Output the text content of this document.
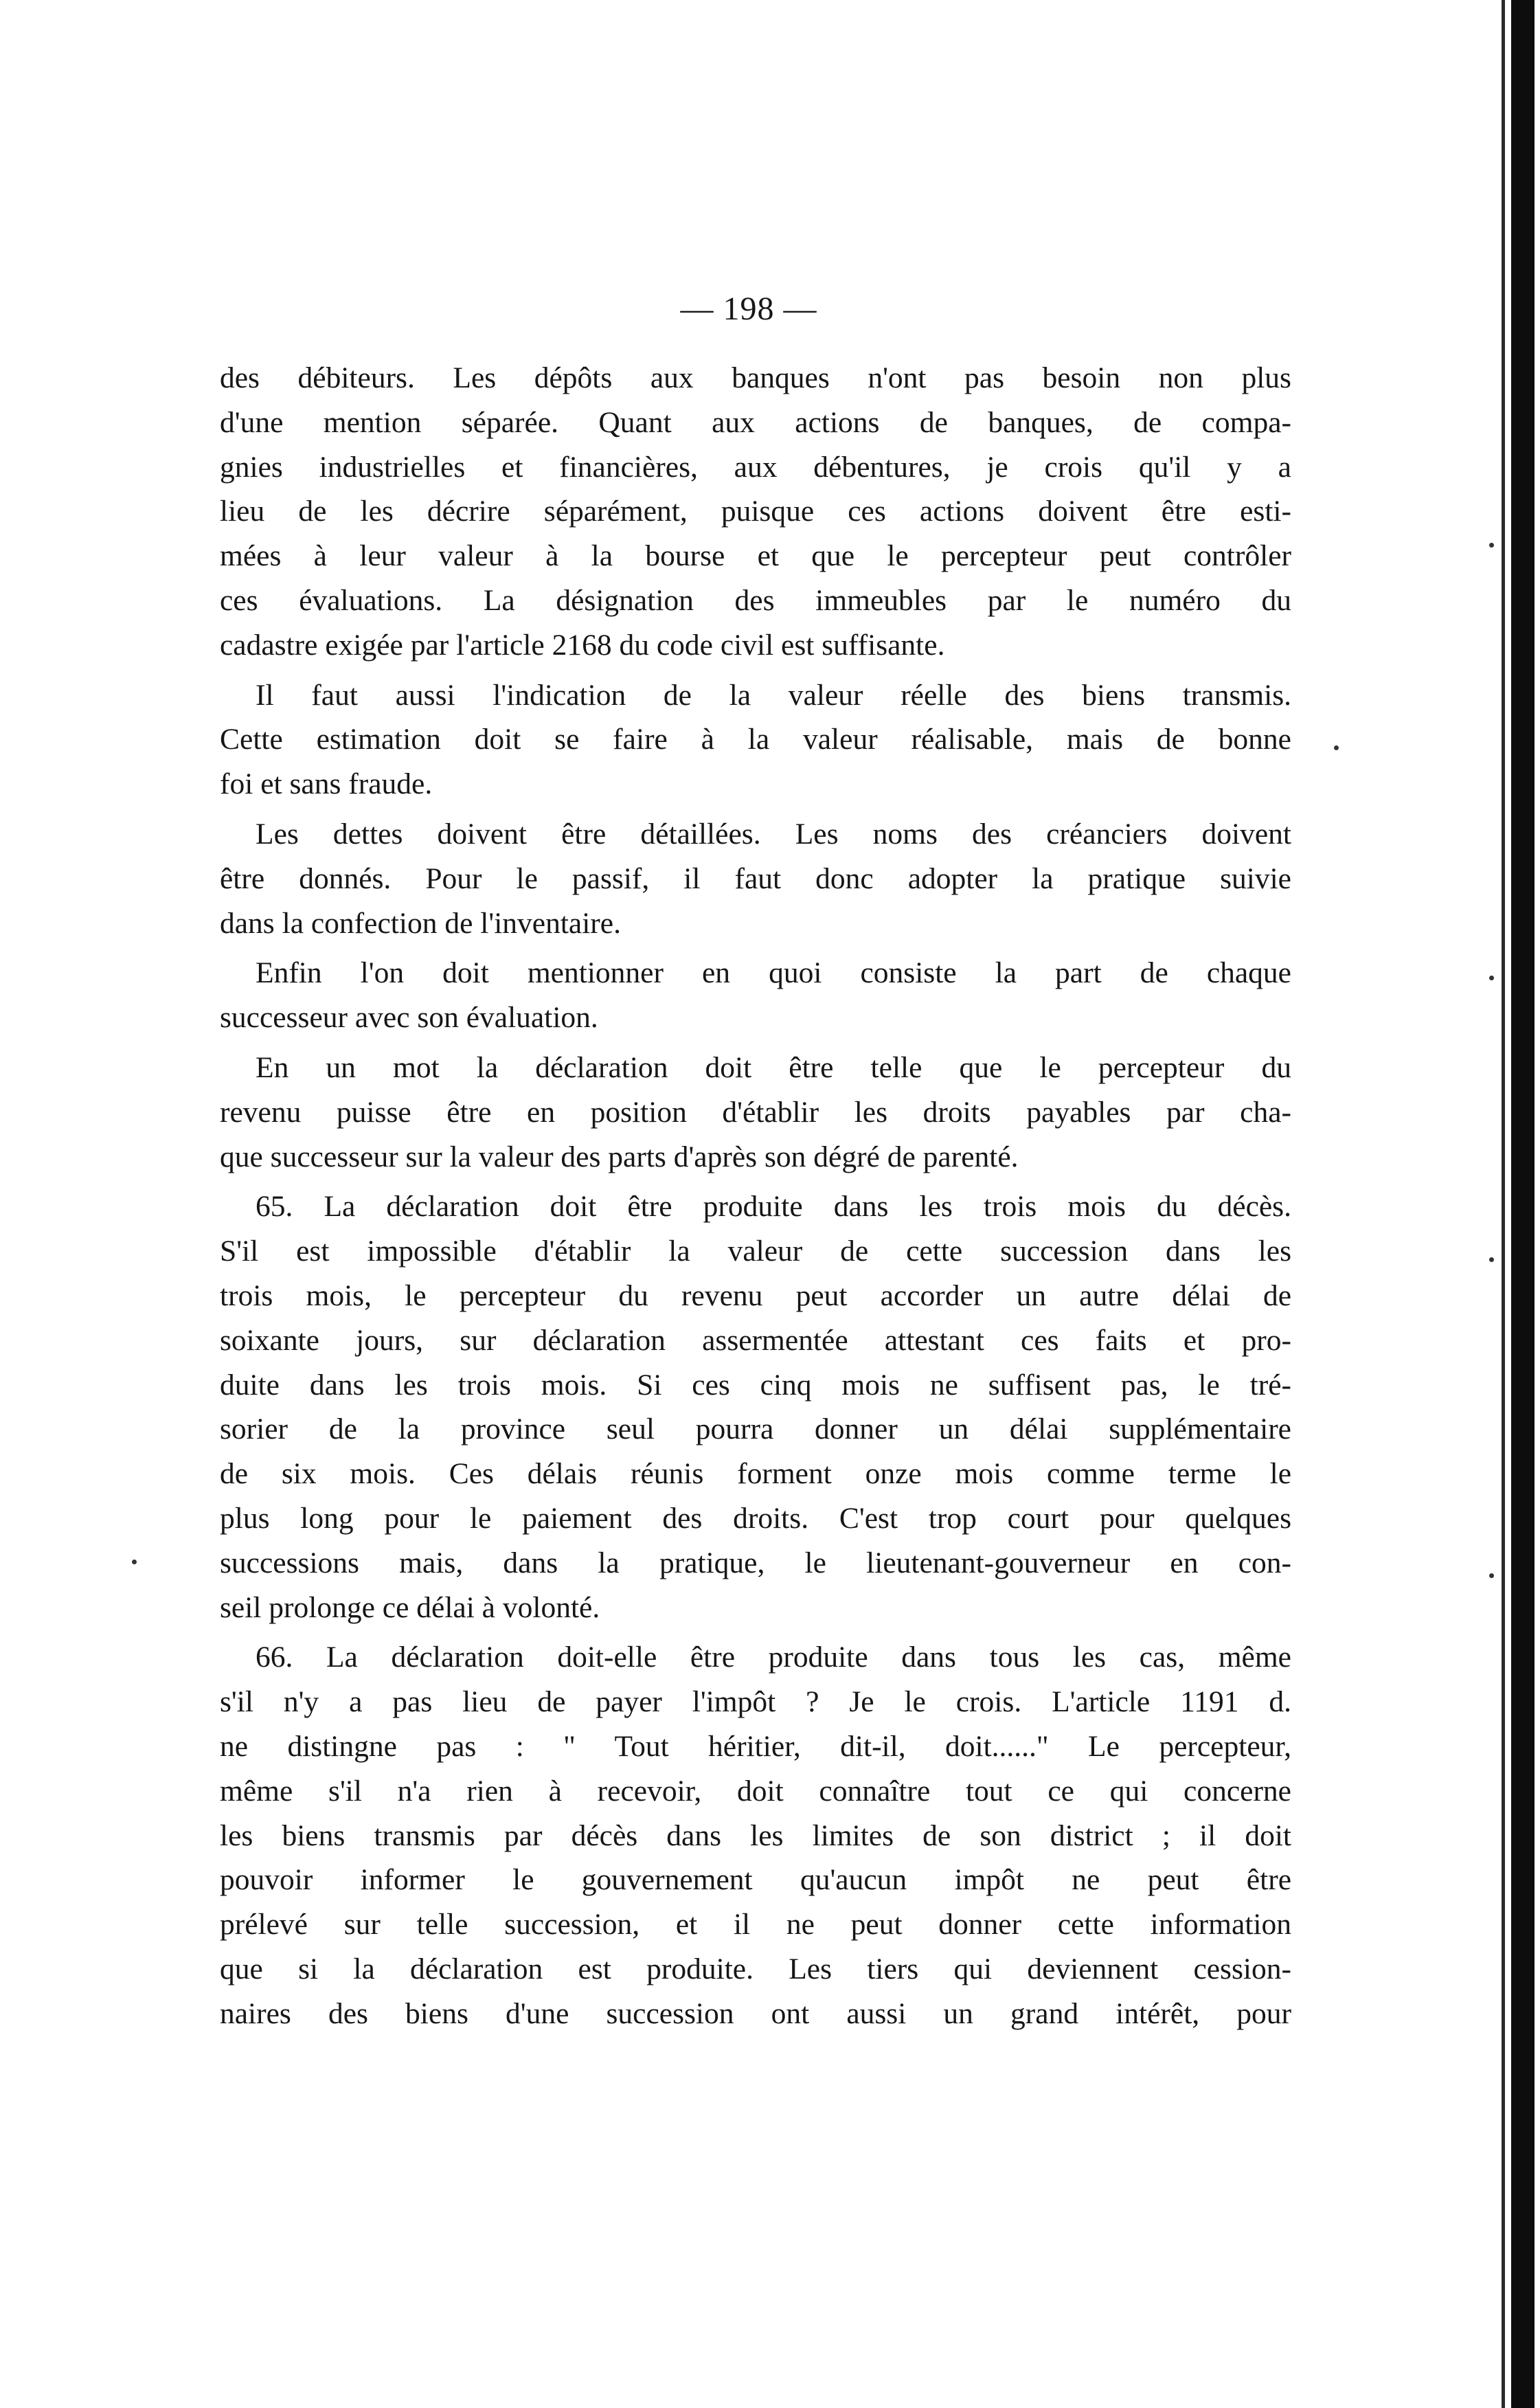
— 198 —
des débiteurs. Les dépôts aux banques n'ont pas besoin non plus
d'une mention séparée. Quant aux actions de banques, de compa-
gnies industrielles et financières, aux débentures, je crois qu'il y a
lieu de les décrire séparément, puisque ces actions doivent être esti-
mées à leur valeur à la bourse et que le percepteur peut contrôler
ces évaluations. La désignation des immeubles par le numéro du
cadastre exigée par l'article 2168 du code civil est suffisante.
Il faut aussi l'indication de la valeur réelle des biens transmis.
Cette estimation doit se faire à la valeur réalisable, mais de bonne
foi et sans fraude.
Les dettes doivent être détaillées. Les noms des créanciers doivent
être donnés. Pour le passif, il faut donc adopter la pratique suivie
dans la confection de l'inventaire.
Enfin l'on doit mentionner en quoi consiste la part de chaque
successeur avec son évaluation.
En un mot la déclaration doit être telle que le percepteur du
revenu puisse être en position d'établir les droits payables par cha-
que successeur sur la valeur des parts d'après son dégré de parenté.
65. La déclaration doit être produite dans les trois mois du décès.
S'il est impossible d'établir la valeur de cette succession dans les
trois mois, le percepteur du revenu peut accorder un autre délai de
soixante jours, sur déclaration assermentée attestant ces faits et pro-
duite dans les trois mois. Si ces cinq mois ne suffisent pas, le tré-
sorier de la province seul pourra donner un délai supplémentaire
de six mois. Ces délais réunis forment onze mois comme terme le
plus long pour le paiement des droits. C'est trop court pour quelques
successions mais, dans la pratique, le lieutenant-gouverneur en con-
seil prolonge ce délai à volonté.
66. La déclaration doit-elle être produite dans tous les cas, même
s'il n'y a pas lieu de payer l'impôt ? Je le crois. L'article 1191 d.
ne distingne pas : " Tout héritier, dit-il, doit......" Le percepteur,
même s'il n'a rien à recevoir, doit connaître tout ce qui concerne
les biens transmis par décès dans les limites de son district ; il doit
pouvoir informer le gouvernement qu'aucun impôt ne peut être
prélevé sur telle succession, et il ne peut donner cette information
que si la déclaration est produite. Les tiers qui deviennent cession-
naires des biens d'une succession ont aussi un grand intérêt, pour
